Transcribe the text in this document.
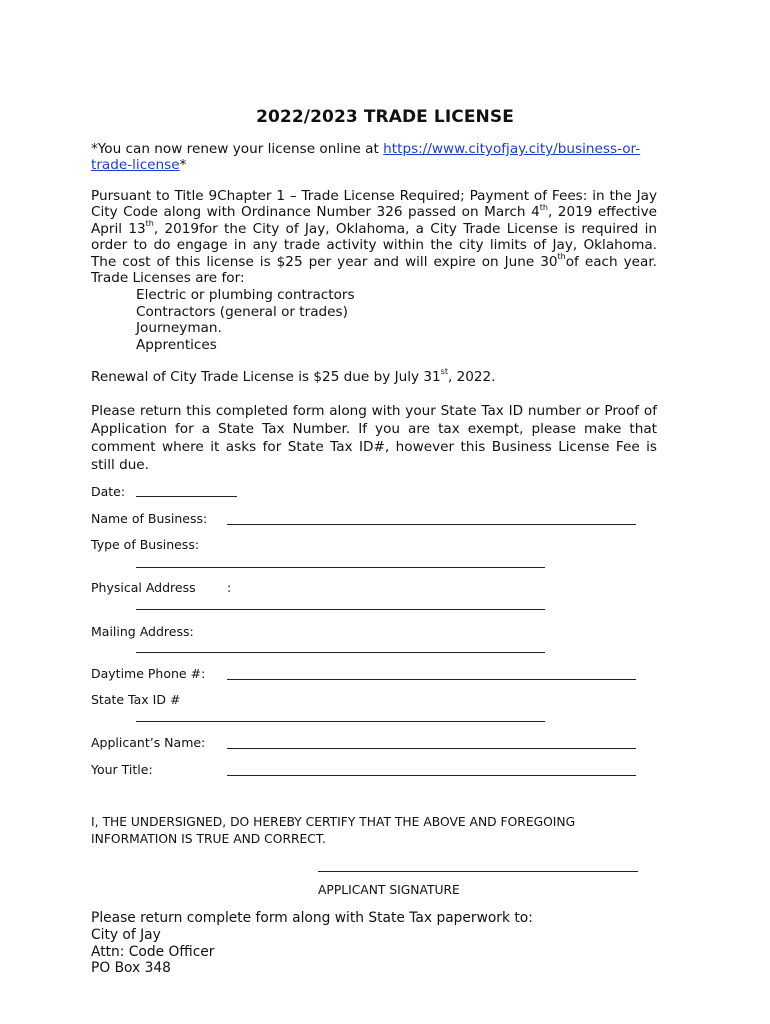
2022/2023 TRADE LICENSE
*You can now renew your license online at https://www.cityofjay.city/business-or-
trade-license*
Pursuant to Title 9Chapter 1 – Trade License Required; Payment of Fees: in the Jay City Code along with Ordinance Number 326 passed on March 4th, 2019 effective April 13th, 2019for the City of Jay, Oklahoma, a City Trade License is required in order to do engage in any trade activity within the city limits of Jay, Oklahoma. The cost of this license is $25 per year and will expire on June 30thof each year. Trade Licenses are for:
Electric or plumbing contractors
Contractors (general or trades)
Journeyman.
Apprentices
Renewal of City Trade License is $25 due by July 31st, 2022.
Please return this completed form along with your State Tax ID number or Proof of Application for a State Tax Number. If you are tax exempt, please make that comment where it asks for State Tax ID#, however this Business License Fee is still due.
Date:
Name of Business:
Type of Business:
Physical Address	:
Mailing Address:
Daytime Phone #:
State Tax ID #
Applicant’s Name:
Your Title:
I, THE UNDERSIGNED, DO HEREBY CERTIFY THAT THE ABOVE AND FOREGOING INFORMATION IS TRUE AND CORRECT.
APPLICANT SIGNATURE
Please return complete form along with State Tax paperwork to:
City of Jay
Attn: Code Officer
PO Box 348
